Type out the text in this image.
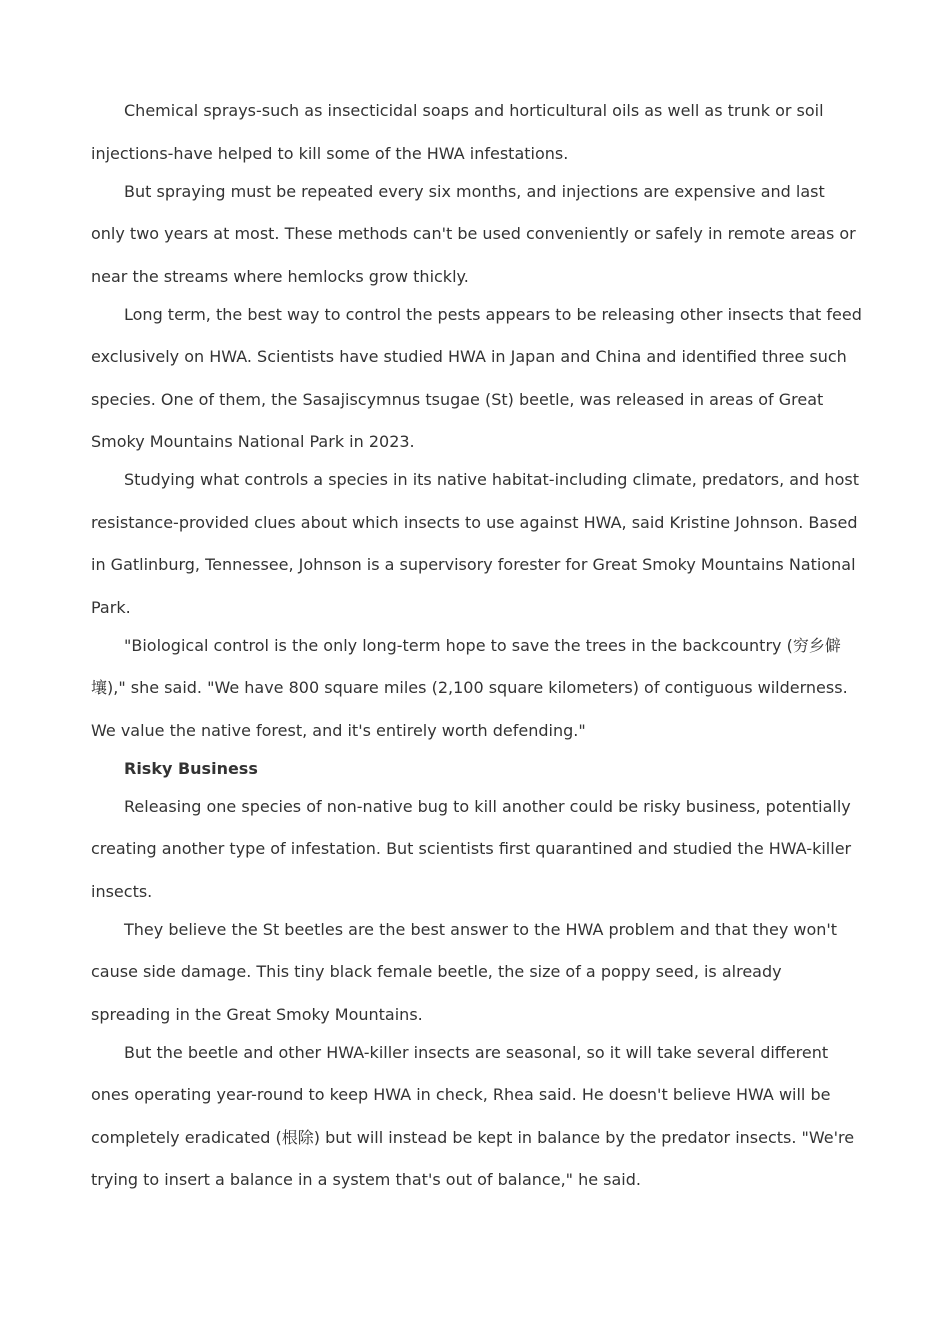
Chemical sprays-such as insecticidal soaps and horticultural oils as well as trunk or soil injections-have helped to kill some of the HWA infestations.

But spraying must be repeated every six months, and injections are expensive and last only two years at most. These methods can't be used conveniently or safely in remote areas or near the streams where hemlocks grow thickly.

Long term, the best way to control the pests appears to be releasing other insects that feed exclusively on HWA. Scientists have studied HWA in Japan and China and identified three such species. One of them, the Sasajiscymnus tsugae (St) beetle, was released in areas of Great Smoky Mountains National Park in 2023.

Studying what controls a species in its native habitat-including climate, predators, and host resistance-provided clues about which insects to use against HWA, said Kristine Johnson. Based in Gatlinburg, Tennessee, Johnson is a supervisory forester for Great Smoky Mountains National Park.

"Biological control is the only long-term hope to save the trees in the backcountry (穷乡僻壤)," she said. "We have 800 square miles (2,100 square kilometers) of contiguous wilderness. We value the native forest, and it's entirely worth defending."

Risky Business

Releasing one species of non-native bug to kill another could be risky business, potentially creating another type of infestation. But scientists first quarantined and studied the HWA-killer insects.

They believe the St beetles are the best answer to the HWA problem and that they won't cause side damage. This tiny black female beetle, the size of a poppy seed, is already spreading in the Great Smoky Mountains.

But the beetle and other HWA-killer insects are seasonal, so it will take several different ones operating year-round to keep HWA in check, Rhea said. He doesn't believe HWA will be completely eradicated (根除) but will instead be kept in balance by the predator insects. "We're trying to insert a balance in a system that's out of balance," he said.
